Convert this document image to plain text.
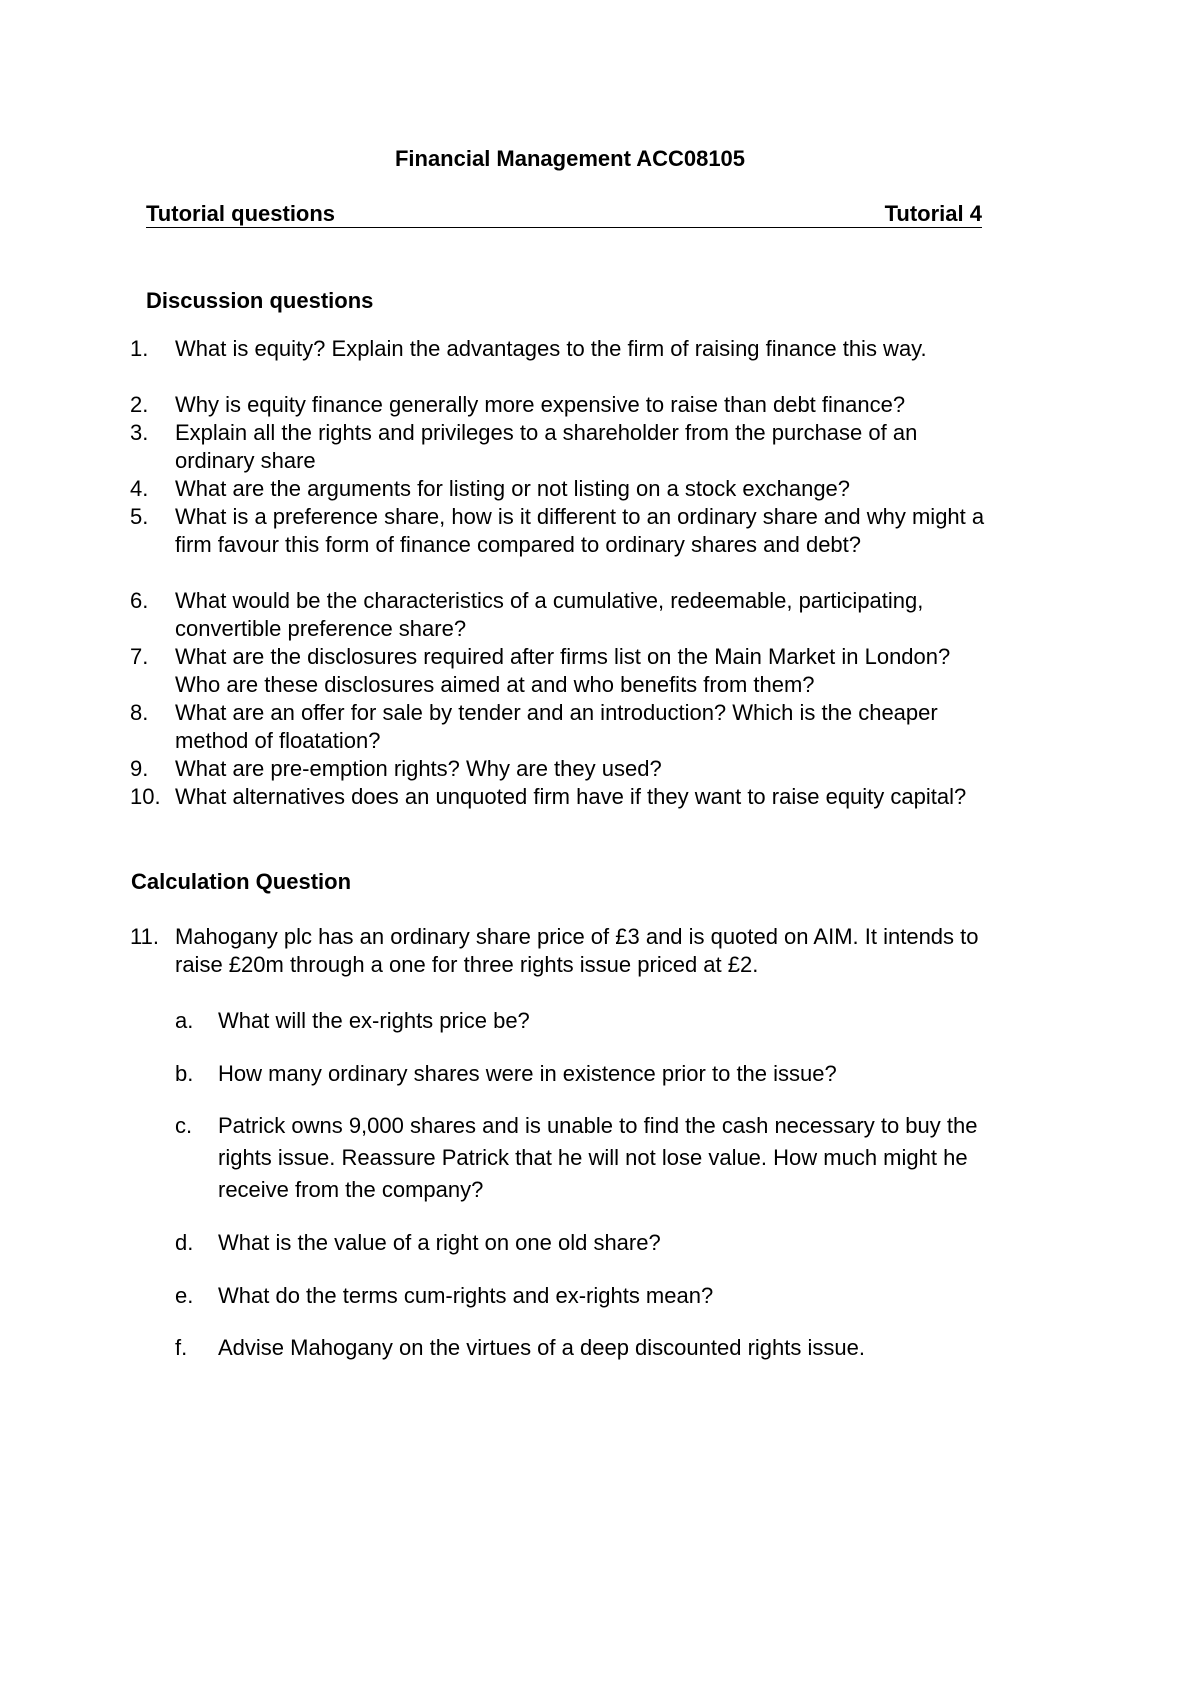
Financial Management ACC08105
Tutorial questions	Tutorial 4
Discussion questions
1. What is equity? Explain the advantages to the firm of raising finance this way.
2. Why is equity finance generally more expensive to raise than debt finance?
3. Explain all the rights and privileges to a shareholder from the purchase of an ordinary share
4. What are the arguments for listing or not listing on a stock exchange?
5. What is a preference share, how is it different to an ordinary share and why might a firm favour this form of finance compared to ordinary shares and debt?
6. What would be the characteristics of a cumulative, redeemable, participating, convertible preference share?
7. What are the disclosures required after firms list on the Main Market in London? Who are these disclosures aimed at and who benefits from them?
8. What are an offer for sale by tender and an introduction? Which is the cheaper method of floatation?
9. What are pre-emption rights? Why are they used?
10. What alternatives does an unquoted firm have if they want to raise equity capital?
Calculation Question
11. Mahogany plc has an ordinary share price of £3 and is quoted on AIM. It intends to raise £20m through a one for three rights issue priced at £2.
a. What will the ex-rights price be?
b. How many ordinary shares were in existence prior to the issue?
c. Patrick owns 9,000 shares and is unable to find the cash necessary to buy the rights issue. Reassure Patrick that he will not lose value. How much might he receive from the company?
d. What is the value of a right on one old share?
e. What do the terms cum-rights and ex-rights mean?
f. Advise Mahogany on the virtues of a deep discounted rights issue.
